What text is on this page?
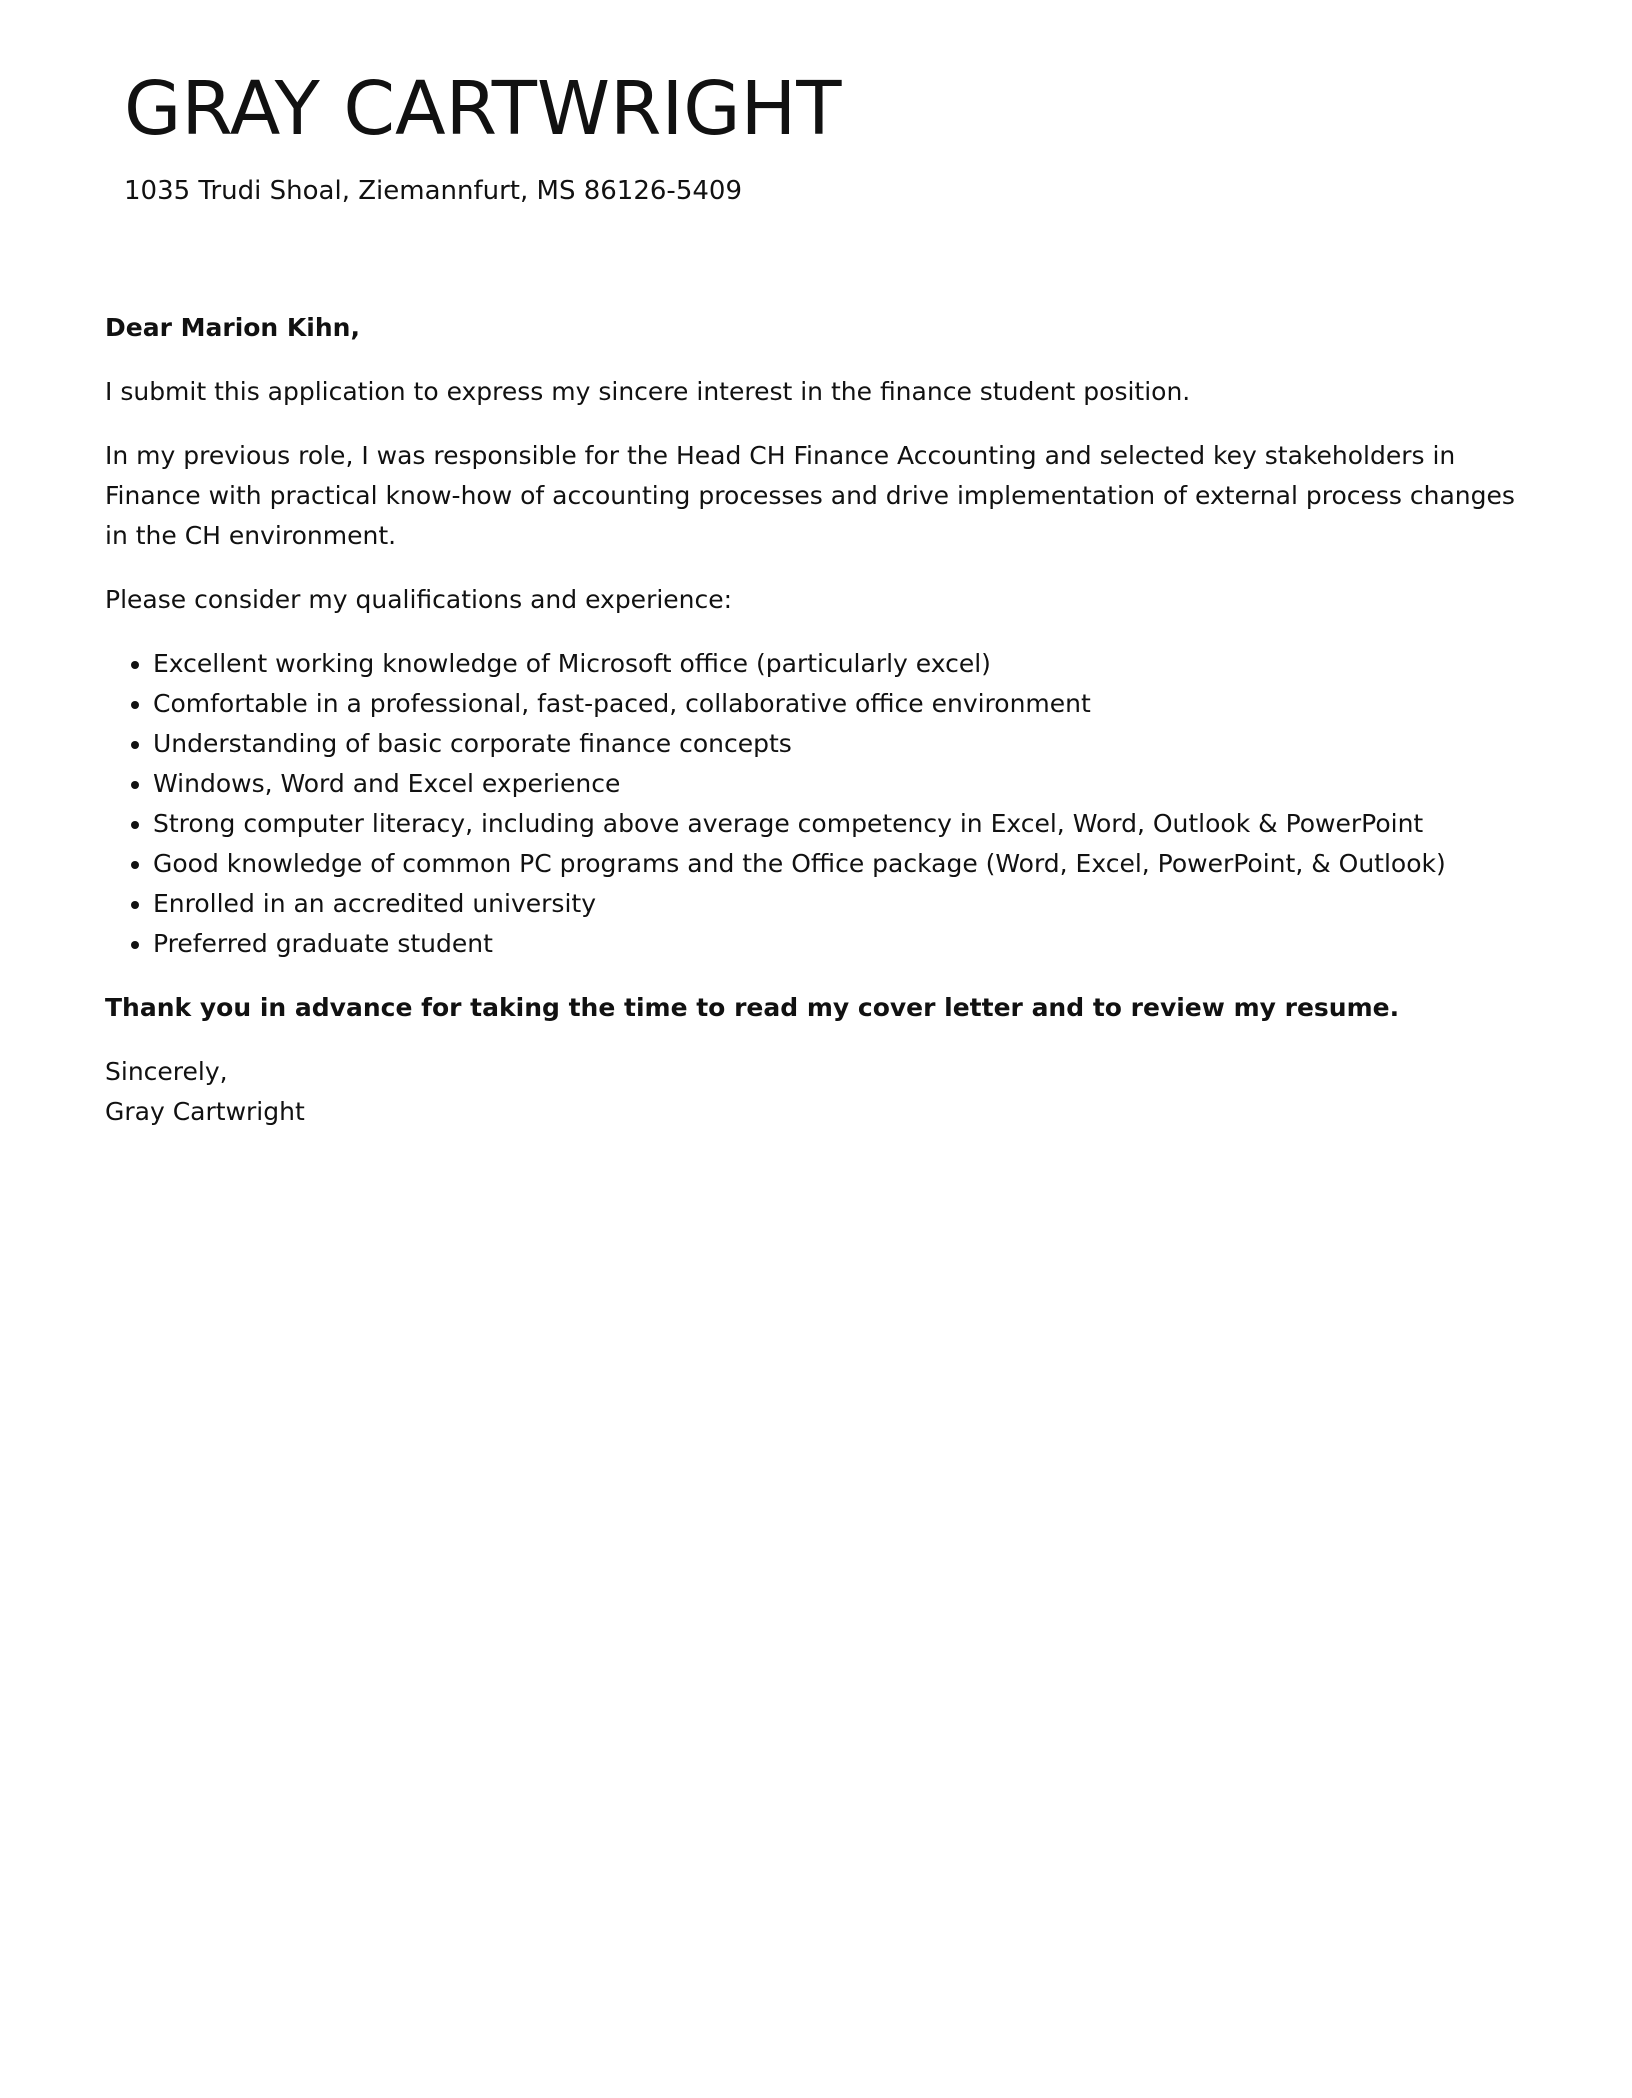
GRAY CARTWRIGHT
1035 Trudi Shoal, Ziemannfurt, MS 86126-5409

Dear Marion Kihn,

I submit this application to express my sincere interest in the finance student position.

In my previous role, I was responsible for the Head CH Finance Accounting and selected key stakeholders in Finance with practical know-how of accounting processes and drive implementation of external process changes in the CH environment.

Please consider my qualifications and experience:

• Excellent working knowledge of Microsoft office (particularly excel)
• Comfortable in a professional, fast-paced, collaborative office environment
• Understanding of basic corporate finance concepts
• Windows, Word and Excel experience
• Strong computer literacy, including above average competency in Excel, Word, Outlook & PowerPoint
• Good knowledge of common PC programs and the Office package (Word, Excel, PowerPoint, & Outlook)
• Enrolled in an accredited university
• Preferred graduate student

Thank you in advance for taking the time to read my cover letter and to review my resume.

Sincerely,
Gray Cartwright
